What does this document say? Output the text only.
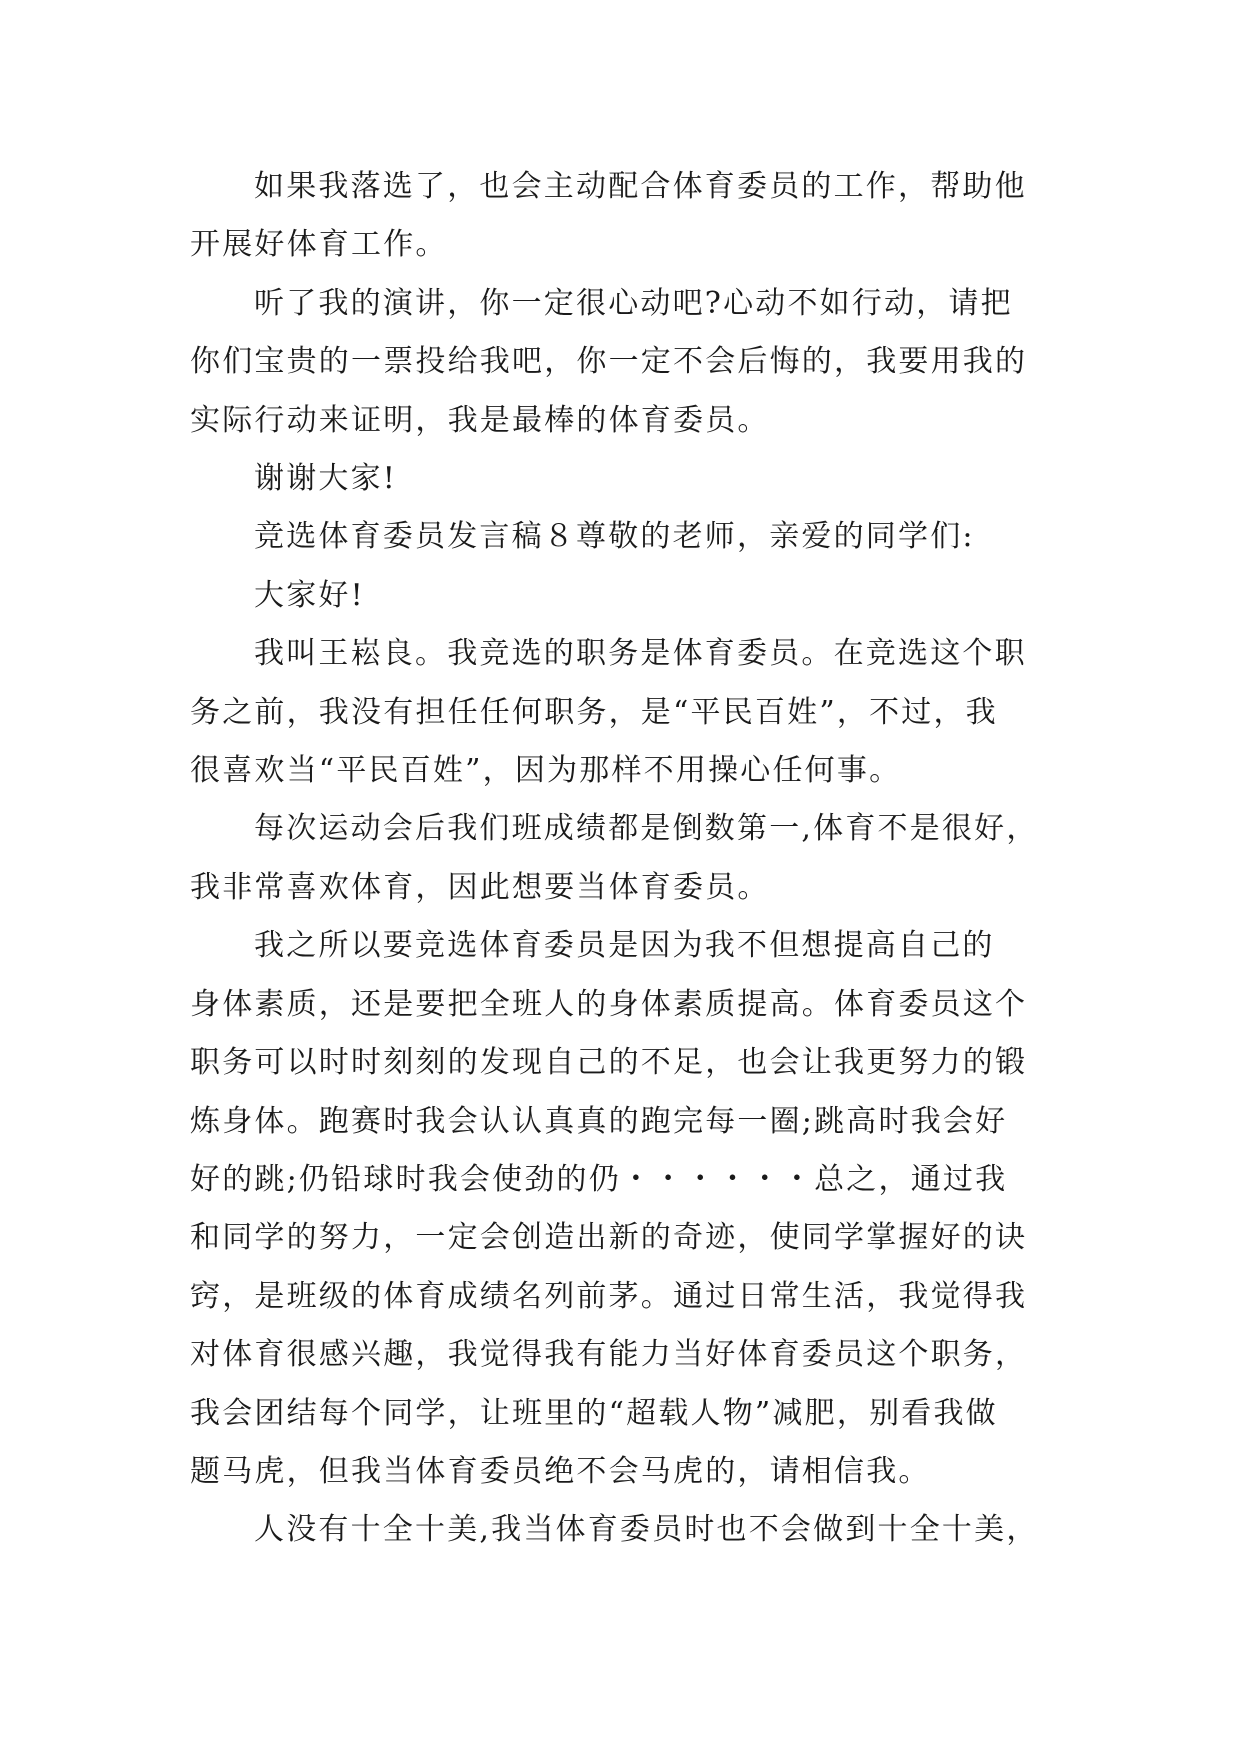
如果我落选了，也会主动配合体育委员的工作，帮助他
开展好体育工作。

听了我的演讲，你一定很心动吧?心动不如行动，请把
你们宝贵的一票投给我吧，你一定不会后悔的，我要用我的
实际行动来证明，我是最棒的体育委员。

谢谢大家!

竞选体育委员发言稿８尊敬的老师，亲爱的同学们:

大家好!

我叫王崧良。我竞选的职务是体育委员。在竞选这个职
务之前，我没有担任任何职务，是“平民百姓”，不过，我
很喜欢当“平民百姓”，因为那样不用操心任何事。

每次运动会后我们班成绩都是倒数第一,体育不是很好，
我非常喜欢体育，因此想要当体育委员。

我之所以要竞选体育委员是因为我不但想提高自己的
身体素质，还是要把全班人的身体素质提高。体育委员这个
职务可以时时刻刻的发现自己的不足，也会让我更努力的锻
炼身体。跑赛时我会认认真真的跑完每一圈;跳高时我会好
好的跳;仍铅球时我会使劲的仍・・・・・・总之，通过我
和同学的努力，一定会创造出新的奇迹，使同学掌握好的诀
窍，是班级的体育成绩名列前茅。通过日常生活，我觉得我
对体育很感兴趣，我觉得我有能力当好体育委员这个职务，
我会团结每个同学，让班里的“超载人物”减肥，别看我做
题马虎，但我当体育委员绝不会马虎的，请相信我。

人没有十全十美,我当体育委员时也不会做到十全十美，
